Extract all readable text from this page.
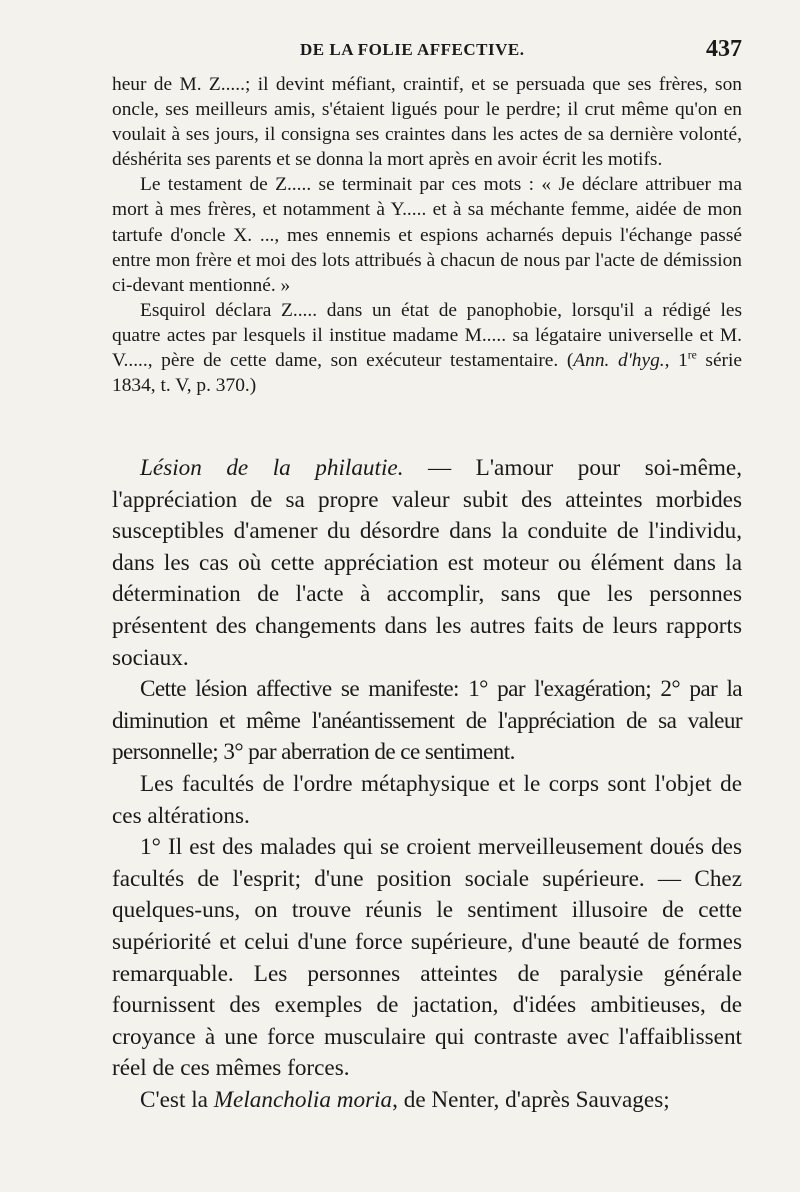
DE LA FOLIE AFFECTIVE.	437

heur de M. Z.....; il devint méfiant, craintif, et se persuada que ses frères, son oncle, ses meilleurs amis, s'étaient ligués pour le perdre; il crut même qu'on en voulait à ses jours, il consigna ses craintes dans les actes de sa dernière volonté, déshérita ses parents et se donna la mort après en avoir écrit les motifs.

Le testament de Z..... se terminait par ces mots : « Je déclare attribuer ma mort à mes frères, et notamment à Y..... et à sa méchante femme, aidée de mon tartufe d'oncle X. ..., mes ennemis et espions acharnés depuis l'échange passé entre mon frère et moi des lots attribués à chacun de nous par l'acte de démission ci-devant mentionné. »

Esquirol déclara Z..... dans un état de panophobie, lorsqu'il a rédigé les quatre actes par lesquels il institue madame M..... sa légataire universelle et M. V....., père de cette dame, son exécuteur testamentaire. (Ann. d'hyg., 1re série 1834, t. V, p. 370.)

Lésion de la philautie. — L'amour pour soi-même, l'appréciation de sa propre valeur subit des atteintes morbides susceptibles d'amener du désordre dans la conduite de l'individu, dans les cas où cette appréciation est moteur ou élément dans la détermination de l'acte à accomplir, sans que les personnes présentent des changements dans les autres faits de leurs rapports sociaux.

Cette lésion affective se manifeste: 1° par l'exagération; 2° par la diminution et même l'anéantissement de l'appréciation de sa valeur personnelle; 3° par aberration de ce sentiment.

Les facultés de l'ordre métaphysique et le corps sont l'objet de ces altérations.

1° Il est des malades qui se croient merveilleusement doués des facultés de l'esprit; d'une position sociale supérieure. — Chez quelques-uns, on trouve réunis le sentiment illusoire de cette supériorité et celui d'une force supérieure, d'une beauté de formes remarquable. Les personnes atteintes de paralysie générale fournissent des exemples de jactation, d'idées ambitieuses, de croyance à une force musculaire qui contraste avec l'affaiblissent réel de ces mêmes forces.

C'est la Melancholia moria, de Nenter, d'après Sauvages;
